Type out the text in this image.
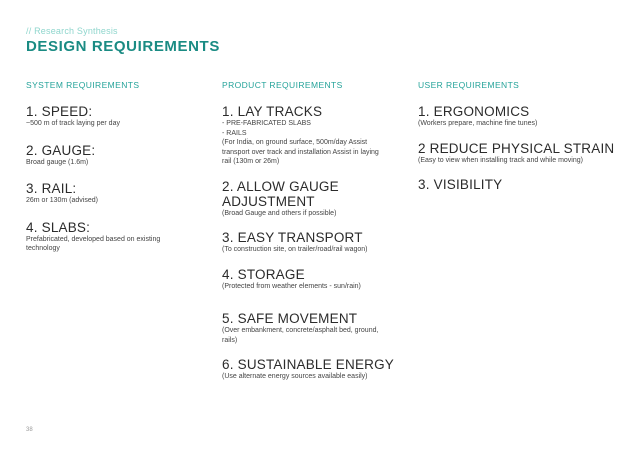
// Research Synthesis
DESIGN REQUIREMENTS
SYSTEM REQUIREMENTS
1. SPEED:
~500 m of track laying per day
2. GAUGE:
Broad gauge (1.6m)
3. RAIL:
26m or 130m (advised)
4. SLABS:
Prefabricated, developed based on existing
technology
PRODUCT REQUIREMENTS
1. LAY TRACKS
- PRE-FABRICATED SLABS
- RAILS
(For India, on ground surface, 500m/day Assist
transport over track and installation Assist in laying
rail (130m or 26m)
2. ALLOW GAUGE ADJUSTMENT
(Broad Gauge and others if possible)
3. EASY TRANSPORT
(To construction site, on trailer/road/rail wagon)
4. STORAGE
(Protected from weather elements - sun/rain)
5. SAFE MOVEMENT
(Over embankment, concrete/asphalt bed, ground,
rails)
6. SUSTAINABLE ENERGY
(Use alternate energy sources available easily)
USER REQUIREMENTS
1. ERGONOMICS
(Workers prepare, machine fine tunes)
2 REDUCE PHYSICAL STRAIN
(Easy to view when installing track and while moving)
3. VISIBILITY
38
